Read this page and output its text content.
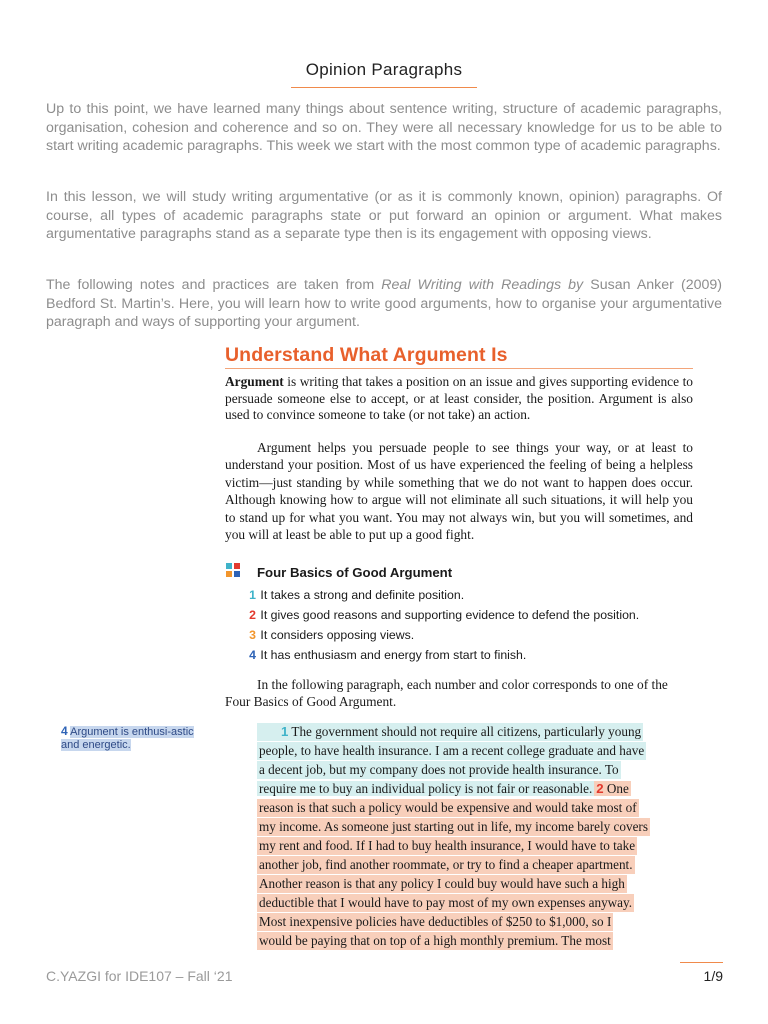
Opinion Paragraphs

Up to this point, we have learned many things about sentence writing, structure of academic paragraphs, organisation, cohesion and coherence and so on. They were all necessary knowledge for us to be able to start writing academic paragraphs. This week we start with the most common type of academic paragraphs.

In this lesson, we will study writing argumentative (or as it is commonly known, opinion) paragraphs. Of course, all types of academic paragraphs state or put forward an opinion or argument. What makes argumentative paragraphs stand as a separate type then is its engagement with opposing views.

The following notes and practices are taken from Real Writing with Readings by Susan Anker (2009) Bedford St. Martin’s. Here, you will learn how to write good arguments, how to organise your argumentative paragraph and ways of supporting your argument.

Understand What Argument Is

Argument is writing that takes a position on an issue and gives supporting evidence to persuade someone else to accept, or at least consider, the position. Argument is also used to convince someone to take (or not take) an action.

Argument helps you persuade people to see things your way, or at least to understand your position. Most of us have experienced the feeling of being a helpless victim—just standing by while something that we do not want to happen does occur. Although knowing how to argue will not eliminate all such situations, it will help you to stand up for what you want. You may not always win, but you will sometimes, and you will at least be able to put up a good fight.

Four Basics of Good Argument
1 It takes a strong and definite position.
2 It gives good reasons and supporting evidence to defend the position.
3 It considers opposing views.
4 It has enthusiasm and energy from start to finish.

In the following paragraph, each number and color corresponds to one of the Four Basics of Good Argument.

4 Argument is enthusi-astic and energetic.
1 The government should not require all citizens, particularly young
people, to have health insurance. I am a recent college graduate and have
a decent job, but my company does not provide health insurance. To
require me to buy an individual policy is not fair or reasonable. 2 One
reason is that such a policy would be expensive and would take most of
my income. As someone just starting out in life, my income barely covers
my rent and food. If I had to buy health insurance, I would have to take
another job, find another roommate, or try to find a cheaper apartment.
Another reason is that any policy I could buy would have such a high
deductible that I would have to pay most of my own expenses anyway.
Most inexpensive policies have deductibles of $250 to $1,000, so I
would be paying that on top of a high monthly premium. The most
C.YAZGI for IDE107 – Fall ‘21	1/9
